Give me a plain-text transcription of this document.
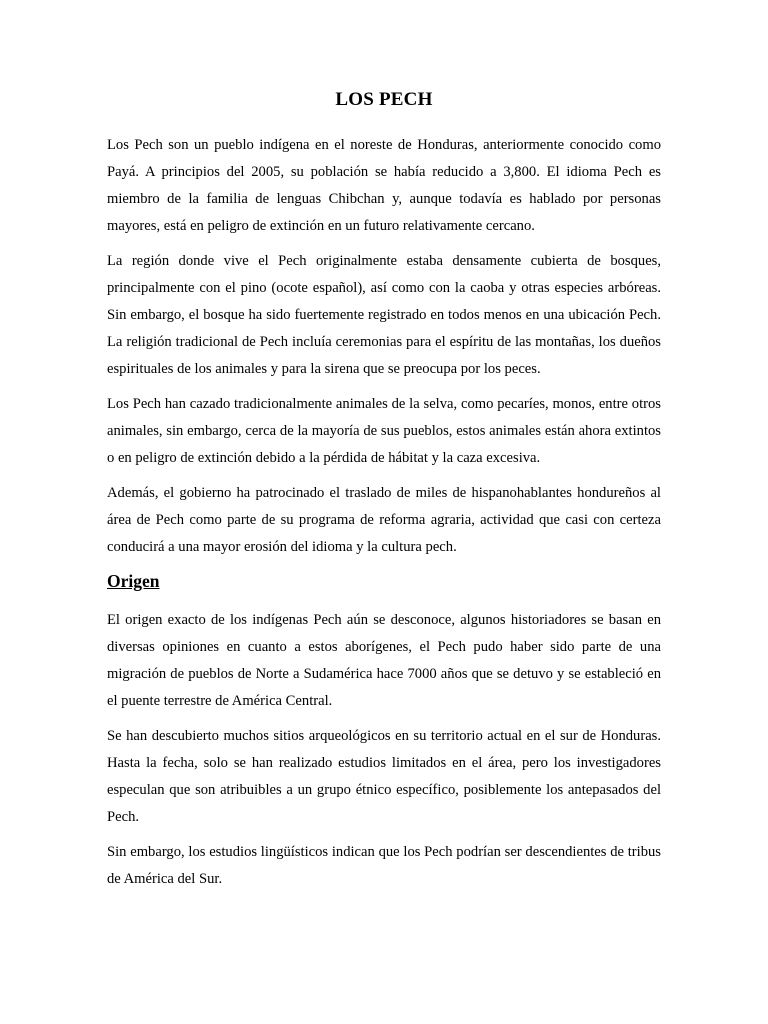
LOS PECH

Los Pech son un pueblo indígena en el noreste de Honduras, anteriormente conocido como Payá. A principios del 2005, su población se había reducido a 3,800. El idioma Pech es miembro de la familia de lenguas Chibchan y, aunque todavía es hablado por personas mayores, está en peligro de extinción en un futuro relativamente cercano.

La región donde vive el Pech originalmente estaba densamente cubierta de bosques, principalmente con el pino (ocote español), así como con la caoba y otras especies arbóreas. Sin embargo, el bosque ha sido fuertemente registrado en todos menos en una ubicación Pech. La religión tradicional de Pech incluía ceremonias para el espíritu de las montañas, los dueños espirituales de los animales y para la sirena que se preocupa por los peces.

Los Pech han cazado tradicionalmente animales de la selva, como pecaríes, monos, entre otros animales, sin embargo, cerca de la mayoría de sus pueblos, estos animales están ahora extintos o en peligro de extinción debido a la pérdida de hábitat y la caza excesiva.

Además, el gobierno ha patrocinado el traslado de miles de hispanohablantes hondureños al área de Pech como parte de su programa de reforma agraria, actividad que casi con certeza conducirá a una mayor erosión del idioma y la cultura pech.

Origen

El origen exacto de los indígenas Pech aún se desconoce, algunos historiadores se basan en diversas opiniones en cuanto a estos aborígenes, el Pech pudo haber sido parte de una migración de pueblos de Norte a Sudamérica hace 7000 años que se detuvo y se estableció en el puente terrestre de América Central.

Se han descubierto muchos sitios arqueológicos en su territorio actual en el sur de Honduras. Hasta la fecha, solo se han realizado estudios limitados en el área, pero los investigadores especulan que son atribuibles a un grupo étnico específico, posiblemente los antepasados del Pech.

Sin embargo, los estudios lingüísticos indican que los Pech podrían ser descendientes de tribus de América del Sur.
